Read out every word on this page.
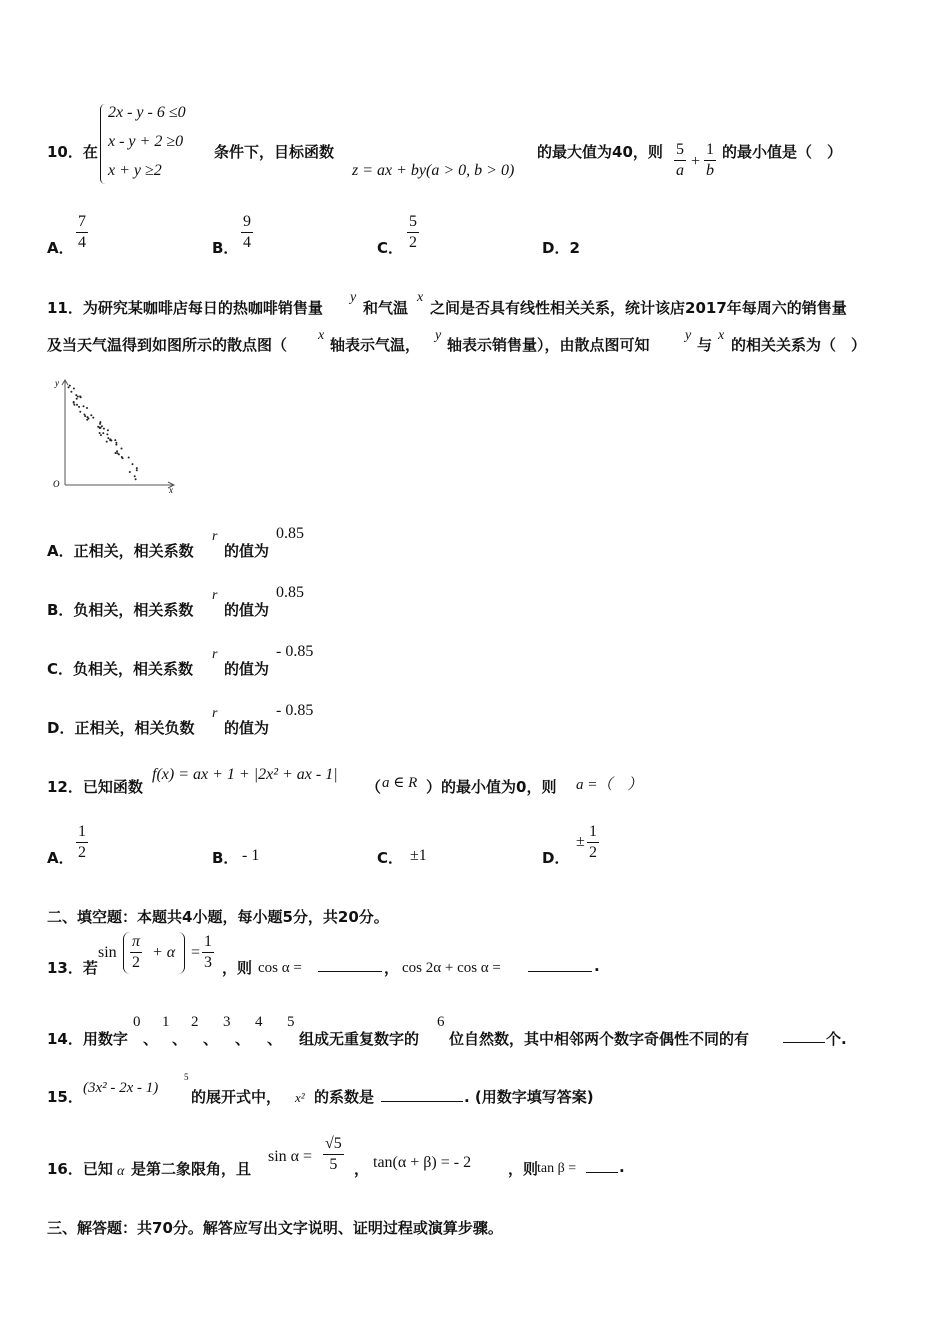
10．在
2x - y - 6 ≤0
x - y + 2 ≥0
x + y ≥2
条件下，目标函数
z = ax + by(a > 0, b > 0)
的最大值为40，则 $\frac{5}{a} + \frac{1}{b}$ 的最小值是（　）
A． $\frac{7}{4}$	B． $\frac{9}{4}$	C． $\frac{5}{2}$	D．2
11．为研究某咖啡店每日的热咖啡销售量
y
和气温
x
之间是否具有线性相关关系，统计该店2017年每周六的销售量
及当天气温得到如图所示的散点图（
x
轴表示气温，
y
轴表示销售量），由散点图可知
y
与
x
的相关关系为（　）
y
x
O
A．正相关，相关系数
r
的值为
0.85
B．负相关，相关系数
r
的值为
0.85
C．负相关，相关系数
r
的值为
- 0.85
D．正相关，相关负数
r
的值为
- 0.85
12．已知函数
f(x) = ax + 1 + |2x² + ax - 1|
（ a ∈ R ）的最小值为0，则 a =（　）
A． $\frac{1}{2}$	B． - 1	C． ±1	D．
± $\frac{1}{2}$
二、填空题：本题共4小题，每小题5分，共20分。
13．若
$\sin \frac{\pi}{2} + \alpha = \frac{1}{3}$ ，则 cos α =	， cos 2α + cos α =	.
14．用数字
0
、
1
、
2
、
3
、
4
、
5
组成无重复数字的
6
位自然数，其中相邻两个数字奇偶性不同的有	个.
15． (3x² - 2x - 1)
5
的展开式中， x² 的系数是	. (用数字填写答案)
16．已知 α 是第二象限角，且
$\sin \alpha = \frac{√5}{5}$ ， tan(α + β) = - 2 ，则
tan β =	.
三、解答题：共70分。解答应写出文字说明、证明过程或演算步骤。
